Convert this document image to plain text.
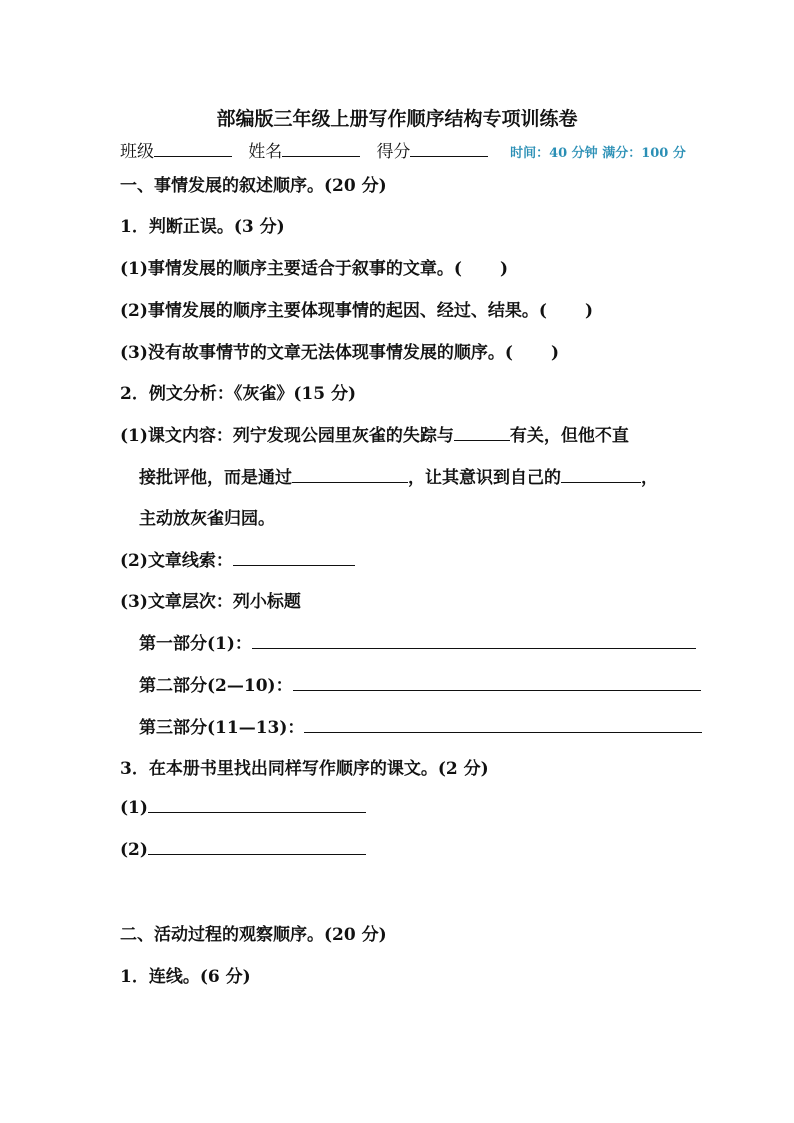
部编版三年级上册写作顺序结构专项训练卷
班级	姓名	得分	时间：40 分钟 满分：100 分
一、事情发展的叙述顺序。(20 分)
1．判断正误。(3 分)
(1)事情发展的顺序主要适合于叙事的文章。( )
(2)事情发展的顺序主要体现事情的起因、经过、结果。( )
(3)没有故事情节的文章无法体现事情发展的顺序。( )
2．例文分析：《灰雀》(15 分)
(1)课文内容：列宁发现公园里灰雀的失踪与	有关，但他不直
接批评他，而是通过	，让其意识到自己的	，
主动放灰雀归园。
(2)文章线索：
(3)文章层次：列小标题
第一部分(1)：
第二部分(2—10)：
第三部分(11—13)：
3．在本册书里找出同样写作顺序的课文。(2 分)
(1)
(2)
二、活动过程的观察顺序。(20 分)
1．连线。(6 分)
